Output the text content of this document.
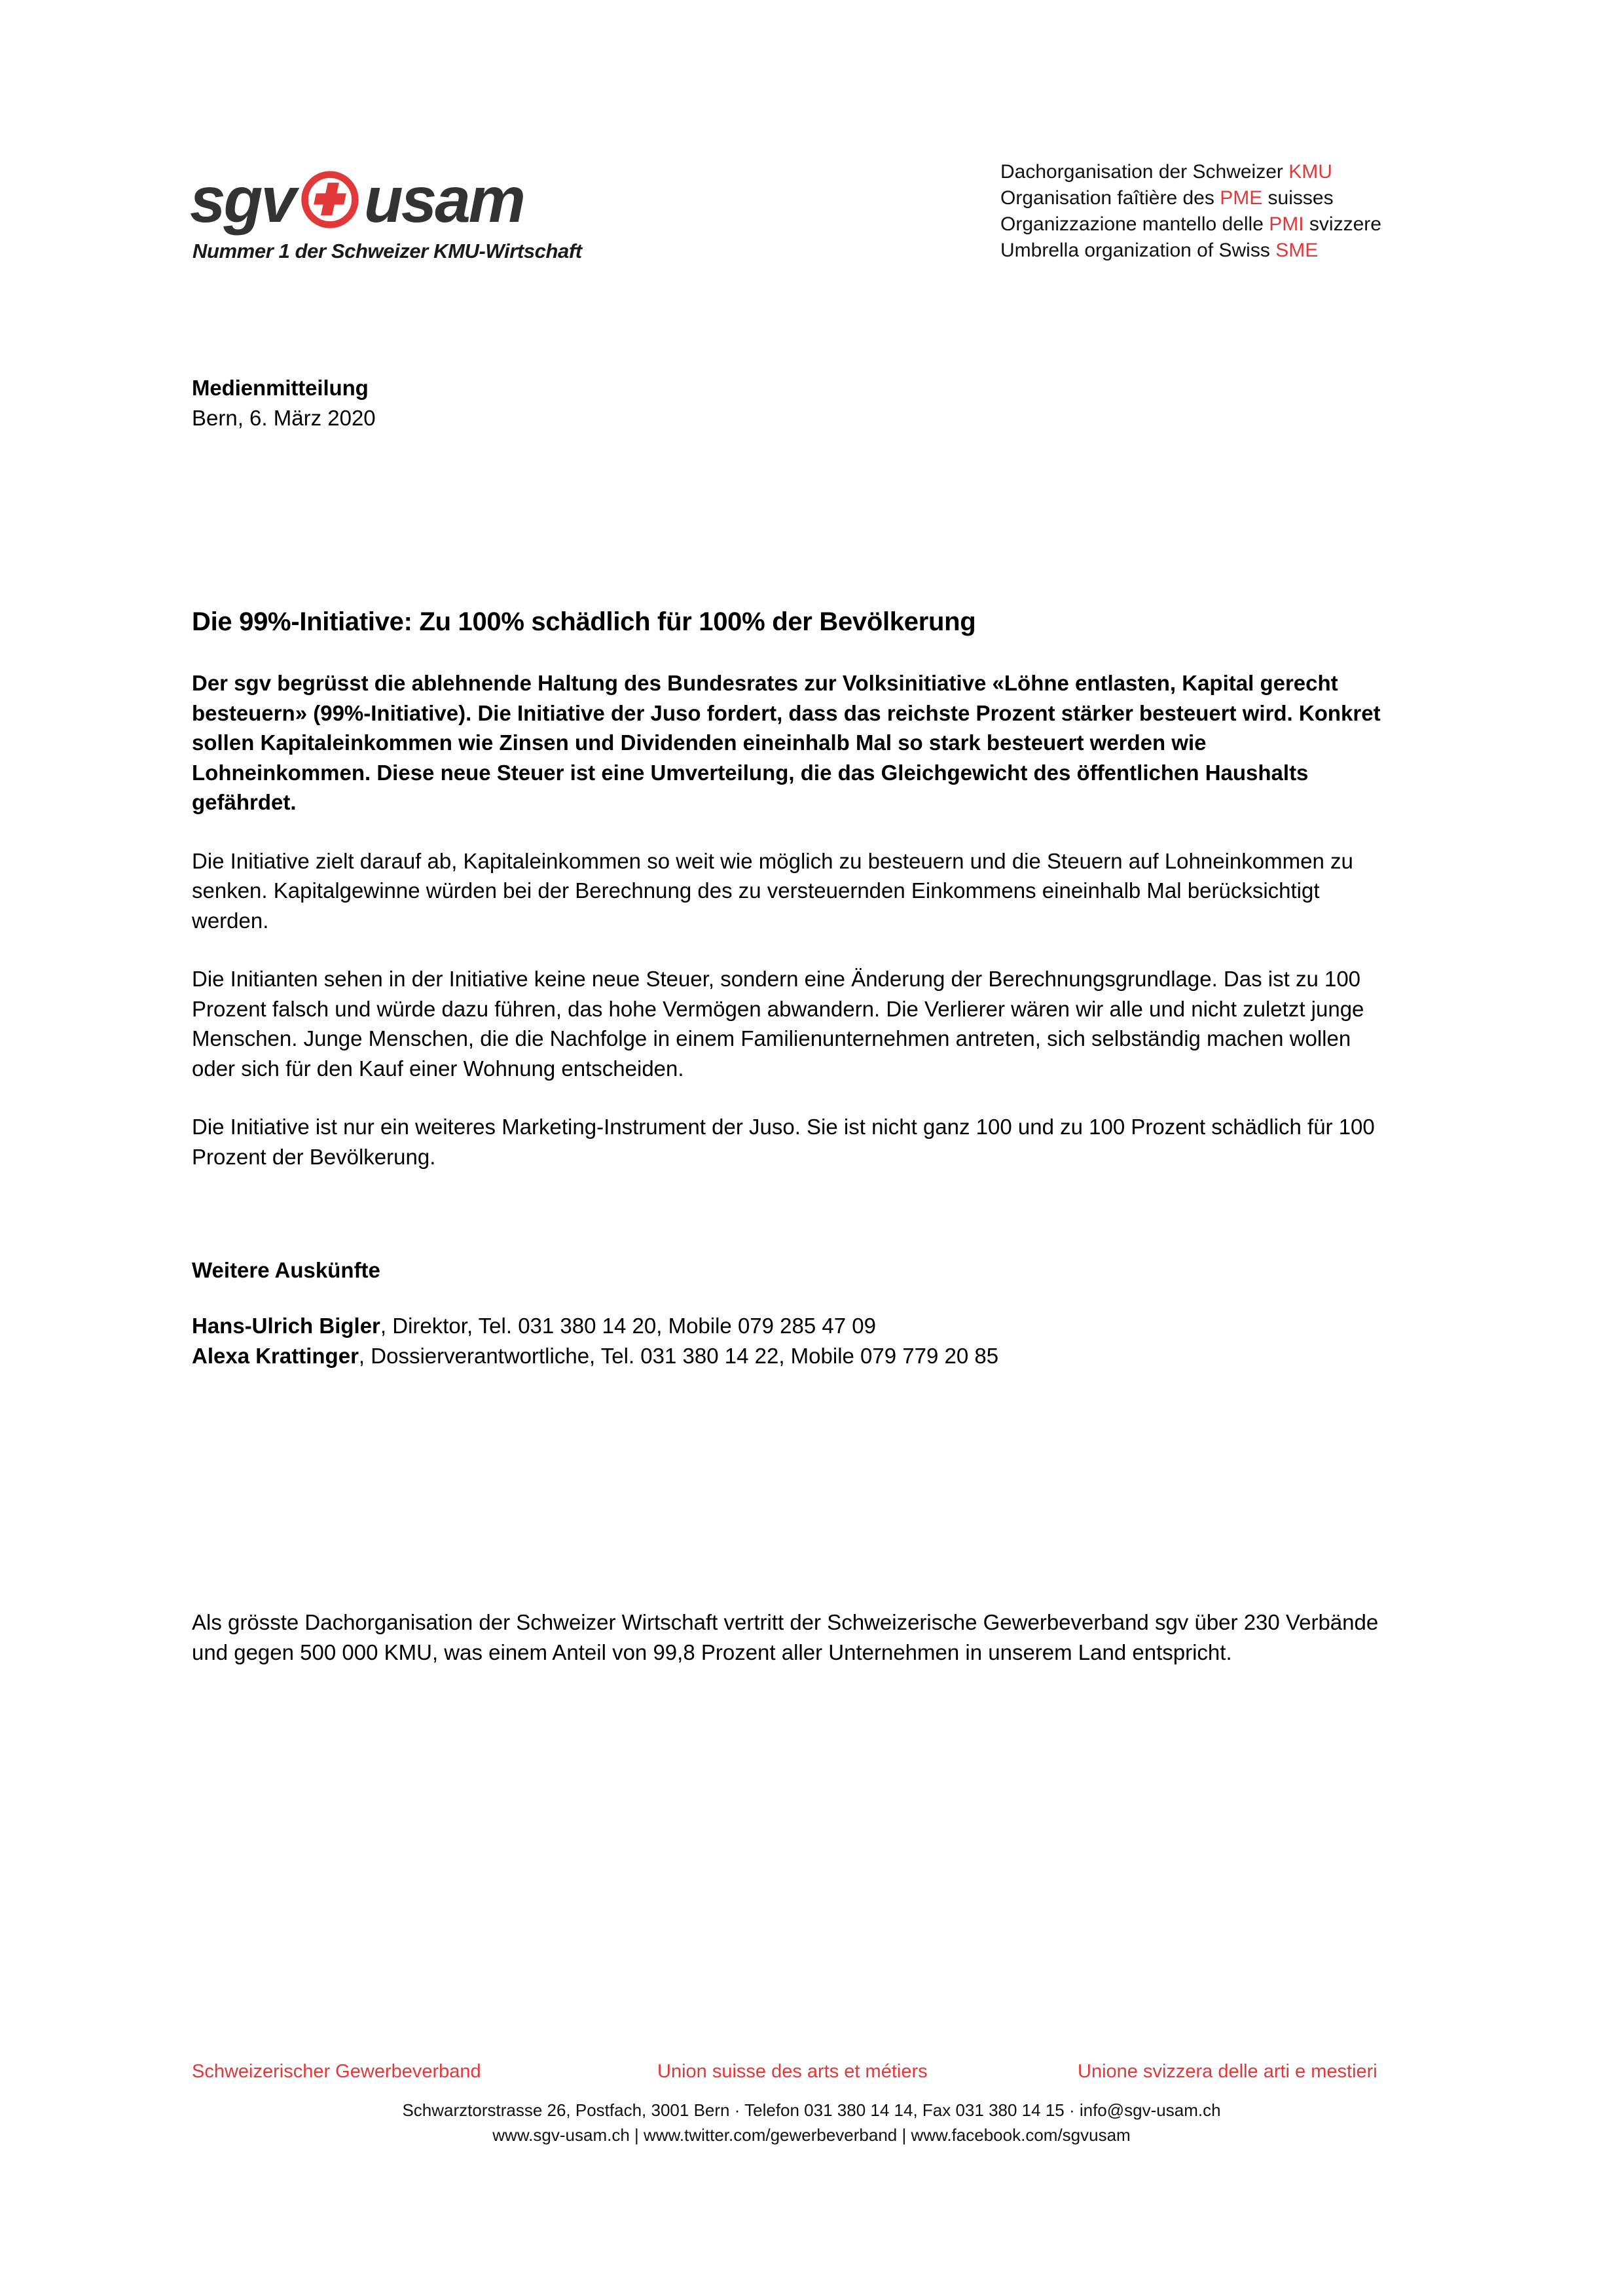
sgv usam
Nummer 1 der Schweizer KMU-Wirtschaft
Dachorganisation der Schweizer KMU
Organisation faîtière des PME suisses
Organizzazione mantello delle PMI svizzere
Umbrella organization of Swiss SME
Medienmitteilung
Bern, 6. März 2020
Die 99%-Initiative: Zu 100% schädlich für 100% der Bevölkerung

Der sgv begrüsst die ablehnende Haltung des Bundesrates zur Volksinitiative «Löhne entlasten, Kapital gerecht besteuern» (99%-Initiative). Die Initiative der Juso fordert, dass das reichste Prozent stärker besteuert wird. Konkret sollen Kapitaleinkommen wie Zinsen und Dividenden eineinhalb Mal so stark besteuert werden wie Lohneinkommen. Diese neue Steuer ist eine Umverteilung, die das Gleichgewicht des öffentlichen Haushalts gefährdet.

Die Initiative zielt darauf ab, Kapitaleinkommen so weit wie möglich zu besteuern und die Steuern auf Lohneinkommen zu senken. Kapitalgewinne würden bei der Berechnung des zu versteuernden Einkommens eineinhalb Mal berücksichtigt werden.

Die Initianten sehen in der Initiative keine neue Steuer, sondern eine Änderung der Berechnungsgrundlage. Das ist zu 100 Prozent falsch und würde dazu führen, das hohe Vermögen abwandern. Die Verlierer wären wir alle und nicht zuletzt junge Menschen. Junge Menschen, die die Nachfolge in einem Familienunternehmen antreten, sich selbständig machen wollen oder sich für den Kauf einer Wohnung entscheiden.

Die Initiative ist nur ein weiteres Marketing-Instrument der Juso. Sie ist nicht ganz 100 und zu 100 Prozent schädlich für 100 Prozent der Bevölkerung.

Weitere Auskünfte
Hans-Ulrich Bigler, Direktor, Tel. 031 380 14 20, Mobile 079 285 47 09
Alexa Krattinger, Dossierverantwortliche, Tel. 031 380 14 22, Mobile 079 779 20 85

Als grösste Dachorganisation der Schweizer Wirtschaft vertritt der Schweizerische Gewerbeverband sgv über 230 Verbände und gegen 500 000 KMU, was einem Anteil von 99,8 Prozent aller Unternehmen in unserem Land entspricht.

Schweizerischer Gewerbeverband	Union suisse des arts et métiers	Unione svizzera delle arti e mestieri
Schwarztorstrasse 26, Postfach, 3001 Bern · Telefon 031 380 14 14, Fax 031 380 14 15 · info@sgv-usam.ch
www.sgv-usam.ch | www.twitter.com/gewerbeverband | www.facebook.com/sgvusam
